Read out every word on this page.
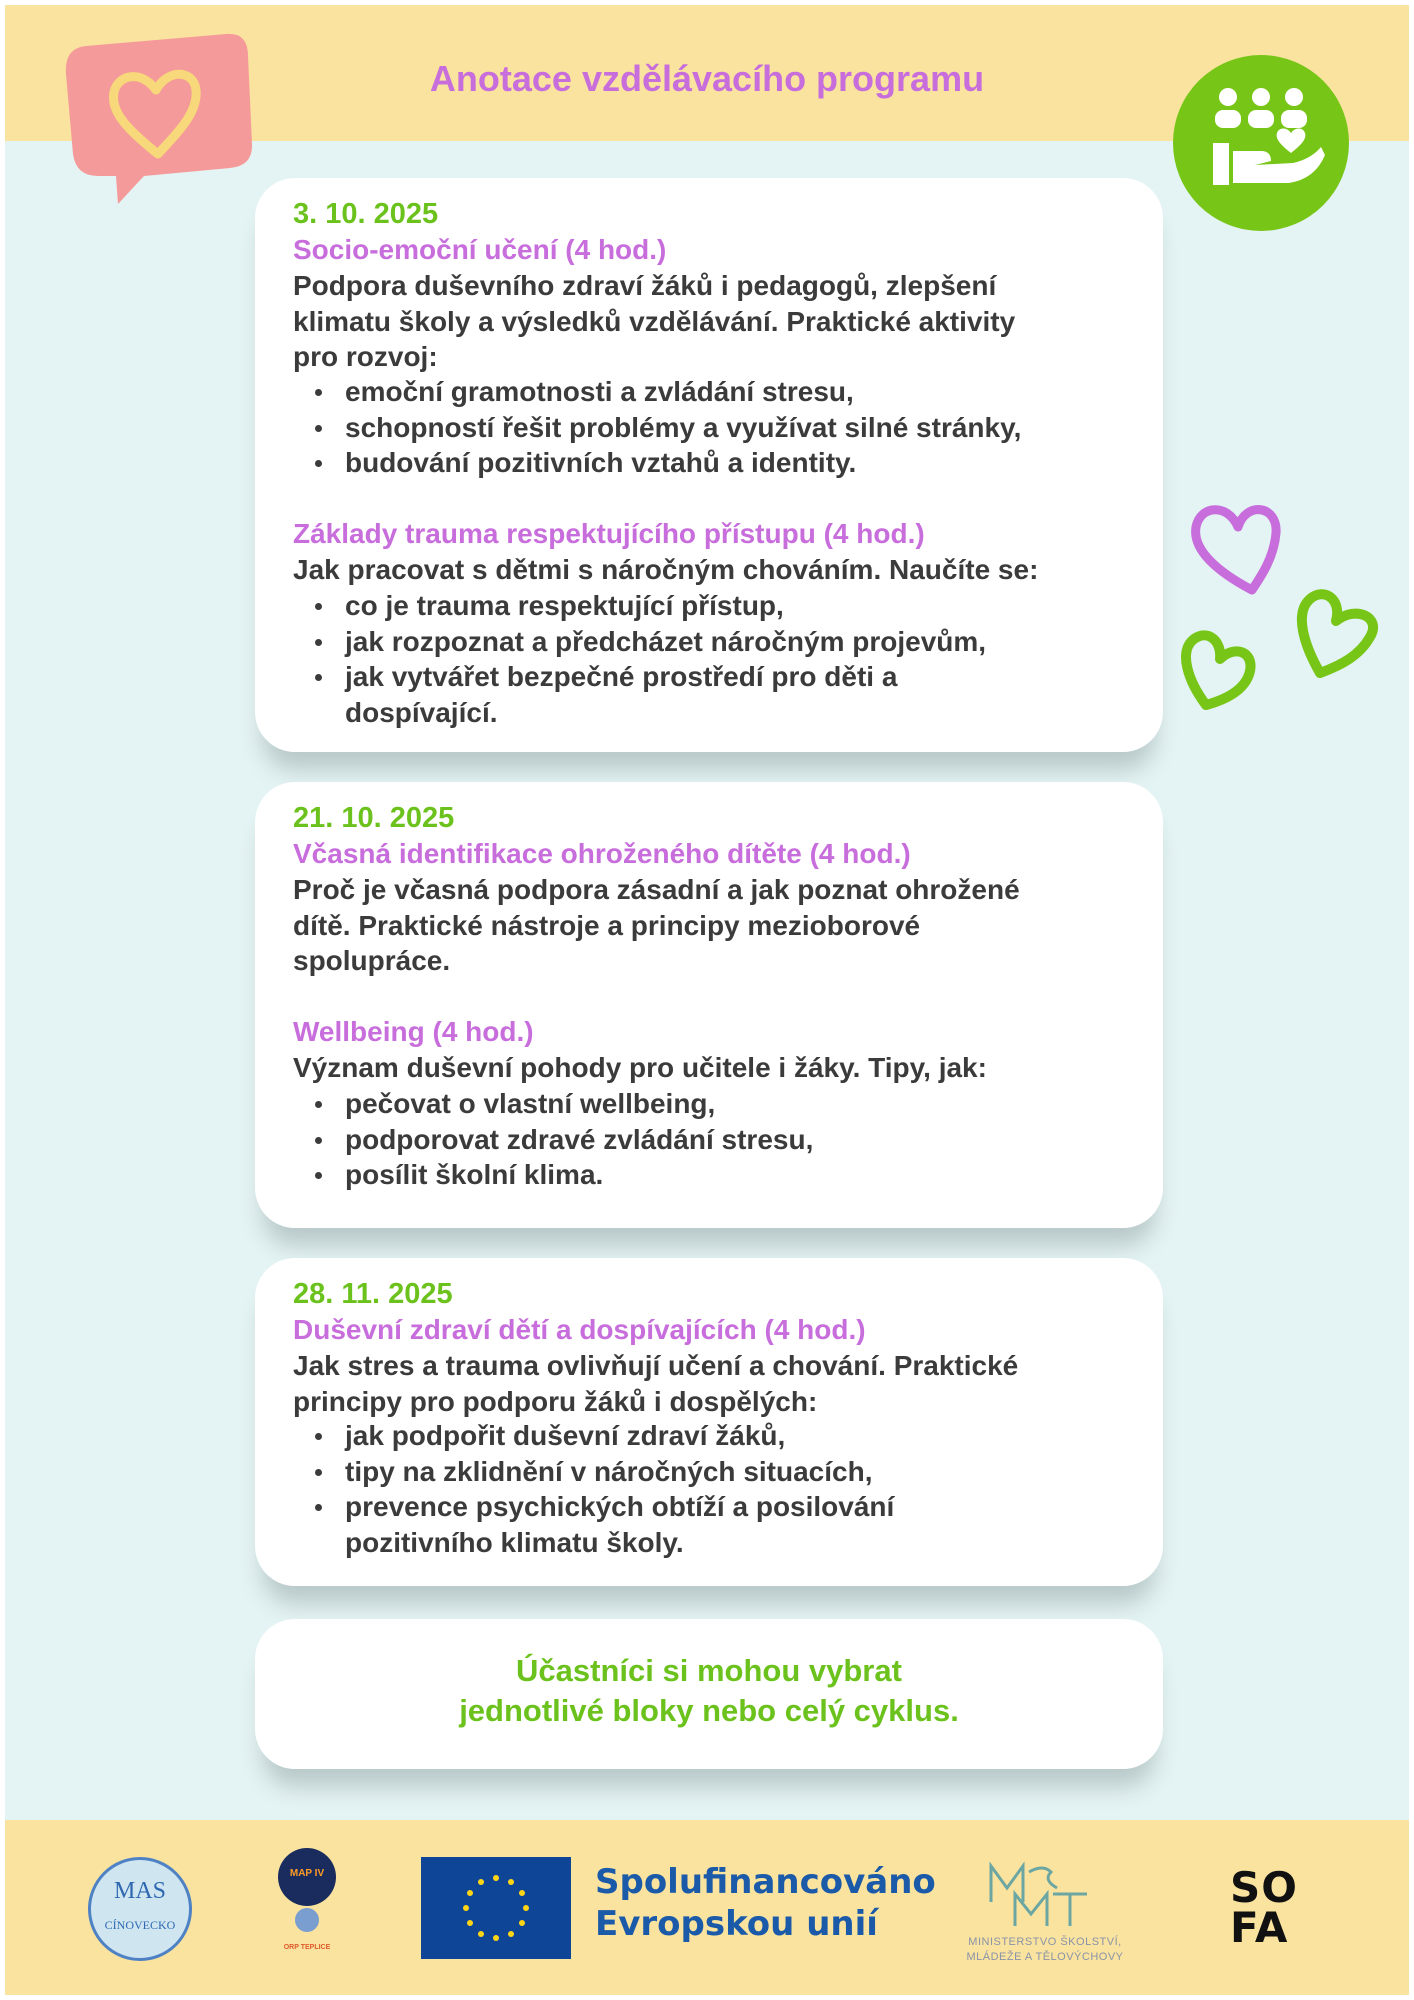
Anotace vzdělávacího programu
3. 10. 2025
Socio-emoční učení (4 hod.)
Podpora duševního zdraví žáků i pedagogů, zlepšení
klimatu školy a výsledků vzdělávání. Praktické aktivity
pro rozvoj:
emoční gramotnosti a zvládání stresu,
schopností řešit problémy a využívat silné stránky,
budování pozitivních vztahů a identity.
Základy trauma respektujícího přístupu (4 hod.)
Jak pracovat s dětmi s náročným chováním. Naučíte se:
co je trauma respektující přístup,
jak rozpoznat a předcházet náročným projevům,
jak vytvářet bezpečné prostředí pro děti a dospívající.
21. 10. 2025
Včasná identifikace ohroženého dítěte (4 hod.)
Proč je včasná podpora zásadní a jak poznat ohrožené
dítě. Praktické nástroje a principy mezioborové
spolupráce.
Wellbeing (4 hod.)
Význam duševní pohody pro učitele i žáky. Tipy, jak:
pečovat o vlastní wellbeing,
podporovat zdravé zvládání stresu,
posílit školní klima.
28. 11. 2025
Duševní zdraví dětí a dospívajících (4 hod.)
Jak stres a trauma ovlivňují učení a chování. Praktické
principy pro podporu žáků i dospělých:
jak podpořit duševní zdraví žáků,
tipy na zklidnění v náročných situacích,
prevence psychických obtíží a posilování pozitivního klimatu školy.
Účastníci si mohou vybrat
jednotlivé bloky nebo celý cyklus.
MAS
CÍNOVECKO
MAP IV
ORP TEPLICE
Spolufinancováno
Evropskou unií	MINISTERSTVO ŠKOLSTVÍ,
MLÁDEŽE A TĚLOVÝCHOVY
SO
FA
